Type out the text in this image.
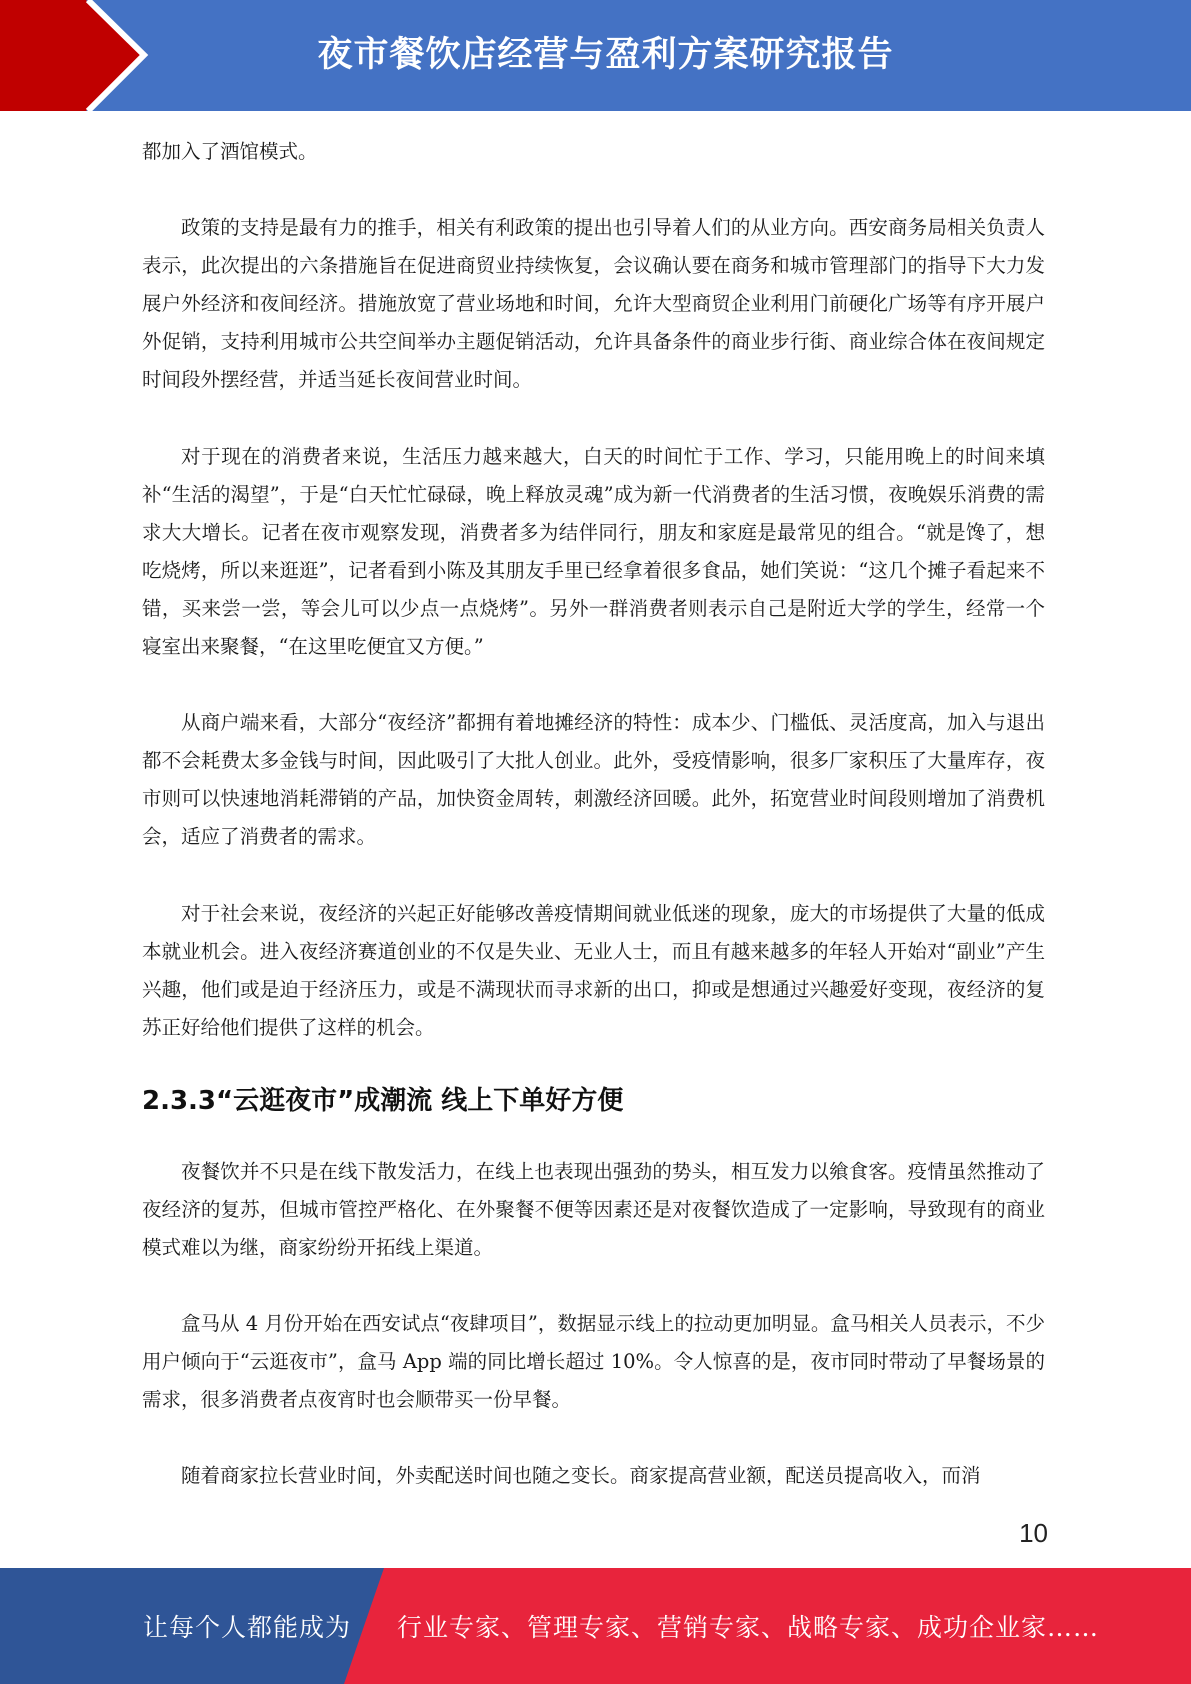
夜市餐饮店经营与盈利方案研究报告

都加入了酒馆模式。

政策的支持是最有力的推手，相关有利政策的提出也引导着人们的从业方向。西安商务局相关负责人表示，此次提出的六条措施旨在促进商贸业持续恢复，会议确认要在商务和城市管理部门的指导下大力发展户外经济和夜间经济。措施放宽了营业场地和时间，允许大型商贸企业利用门前硬化广场等有序开展户外促销，支持利用城市公共空间举办主题促销活动，允许具备条件的商业步行街、商业综合体在夜间规定时间段外摆经营，并适当延长夜间营业时间。

对于现在的消费者来说，生活压力越来越大，白天的时间忙于工作、学习，只能用晚上的时间来填补“生活的渴望”，于是“白天忙忙碌碌，晚上释放灵魂”成为新一代消费者的生活习惯，夜晚娱乐消费的需求大大增长。记者在夜市观察发现，消费者多为结伴同行，朋友和家庭是最常见的组合。“就是馋了，想吃烧烤，所以来逛逛”，记者看到小陈及其朋友手里已经拿着很多食品，她们笑说：“这几个摊子看起来不错，买来尝一尝，等会儿可以少点一点烧烤”。另外一群消费者则表示自己是附近大学的学生，经常一个寝室出来聚餐，“在这里吃便宜又方便。”

从商户端来看，大部分“夜经济”都拥有着地摊经济的特性：成本少、门槛低、灵活度高，加入与退出都不会耗费太多金钱与时间，因此吸引了大批人创业。此外，受疫情影响，很多厂家积压了大量库存，夜市则可以快速地消耗滞销的产品，加快资金周转，刺激经济回暖。此外，拓宽营业时间段则增加了消费机会，适应了消费者的需求。

对于社会来说，夜经济的兴起正好能够改善疫情期间就业低迷的现象，庞大的市场提供了大量的低成本就业机会。进入夜经济赛道创业的不仅是失业、无业人士，而且有越来越多的年轻人开始对“副业”产生兴趣，他们或是迫于经济压力，或是不满现状而寻求新的出口，抑或是想通过兴趣爱好变现，夜经济的复苏正好给他们提供了这样的机会。

2.3.3“云逛夜市”成潮流 线上下单好方便

夜餐饮并不只是在线下散发活力，在线上也表现出强劲的势头，相互发力以飨食客。疫情虽然推动了夜经济的复苏，但城市管控严格化、在外聚餐不便等因素还是对夜餐饮造成了一定影响，导致现有的商业模式难以为继，商家纷纷开拓线上渠道。

盒马从 4 月份开始在西安试点“夜肆项目”，数据显示线上的拉动更加明显。盒马相关人员表示，不少用户倾向于“云逛夜市”，盒马 App 端的同比增长超过 10%。令人惊喜的是，夜市同时带动了早餐场景的需求，很多消费者点夜宵时也会顺带买一份早餐。

随着商家拉长营业时间，外卖配送时间也随之变长。商家提高营业额，配送员提高收入，而消

10
让每个人都能成为 行业专家、管理专家、营销专家、战略专家、成功企业家……
